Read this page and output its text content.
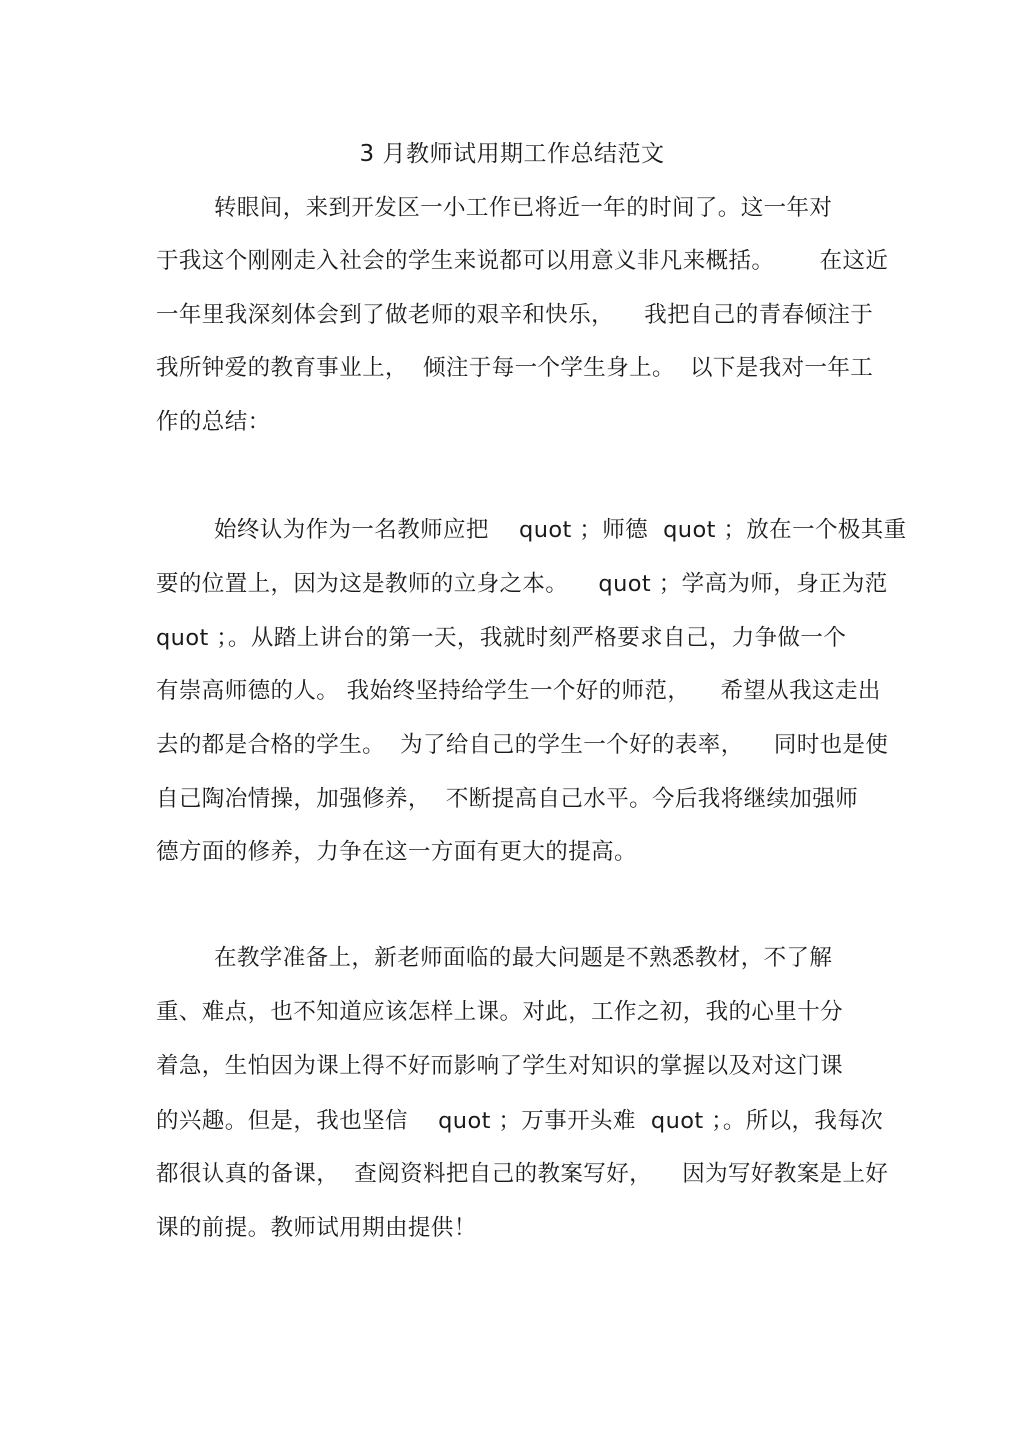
3 月教师试用期工作总结范文
转眼间，来到开发区一小工作已将近一年的时间了。这一年对
于我这个刚刚走入社会的学生来说都可以用意义非凡来概括。      在这近
一年里我深刻体会到了做老师的艰辛和快乐，    我把自己的青春倾注于
我所钟爱的教育事业上，  倾注于每一个学生身上。  以下是我对一年工
作的总结：
始终认为作为一名教师应把    quot ；师德  quot ；放在一个极其重
要的位置上，因为这是教师的立身之本。    quot ；学高为师，身正为范
quot ；。从踏上讲台的第一天，我就时刻严格要求自己，力争做一个
有崇高师德的人。 我始终坚持给学生一个好的师范，    希望从我这走出
去的都是合格的学生。  为了给自己的学生一个好的表率，    同时也是使
自己陶冶情操，加强修养，  不断提高自己水平。今后我将继续加强师
德方面的修养，力争在这一方面有更大的提高。
在教学准备上，新老师面临的最大问题是不熟悉教材，不了解
重、难点，也不知道应该怎样上课。对此，工作之初，我的心里十分
着急，生怕因为课上得不好而影响了学生对知识的掌握以及对这门课
的兴趣。但是，我也坚信    quot ；万事开头难  quot ；。所以，我每次
都很认真的备课，  查阅资料把自己的教案写好，    因为写好教案是上好
课的前提。教师试用期由提供！
